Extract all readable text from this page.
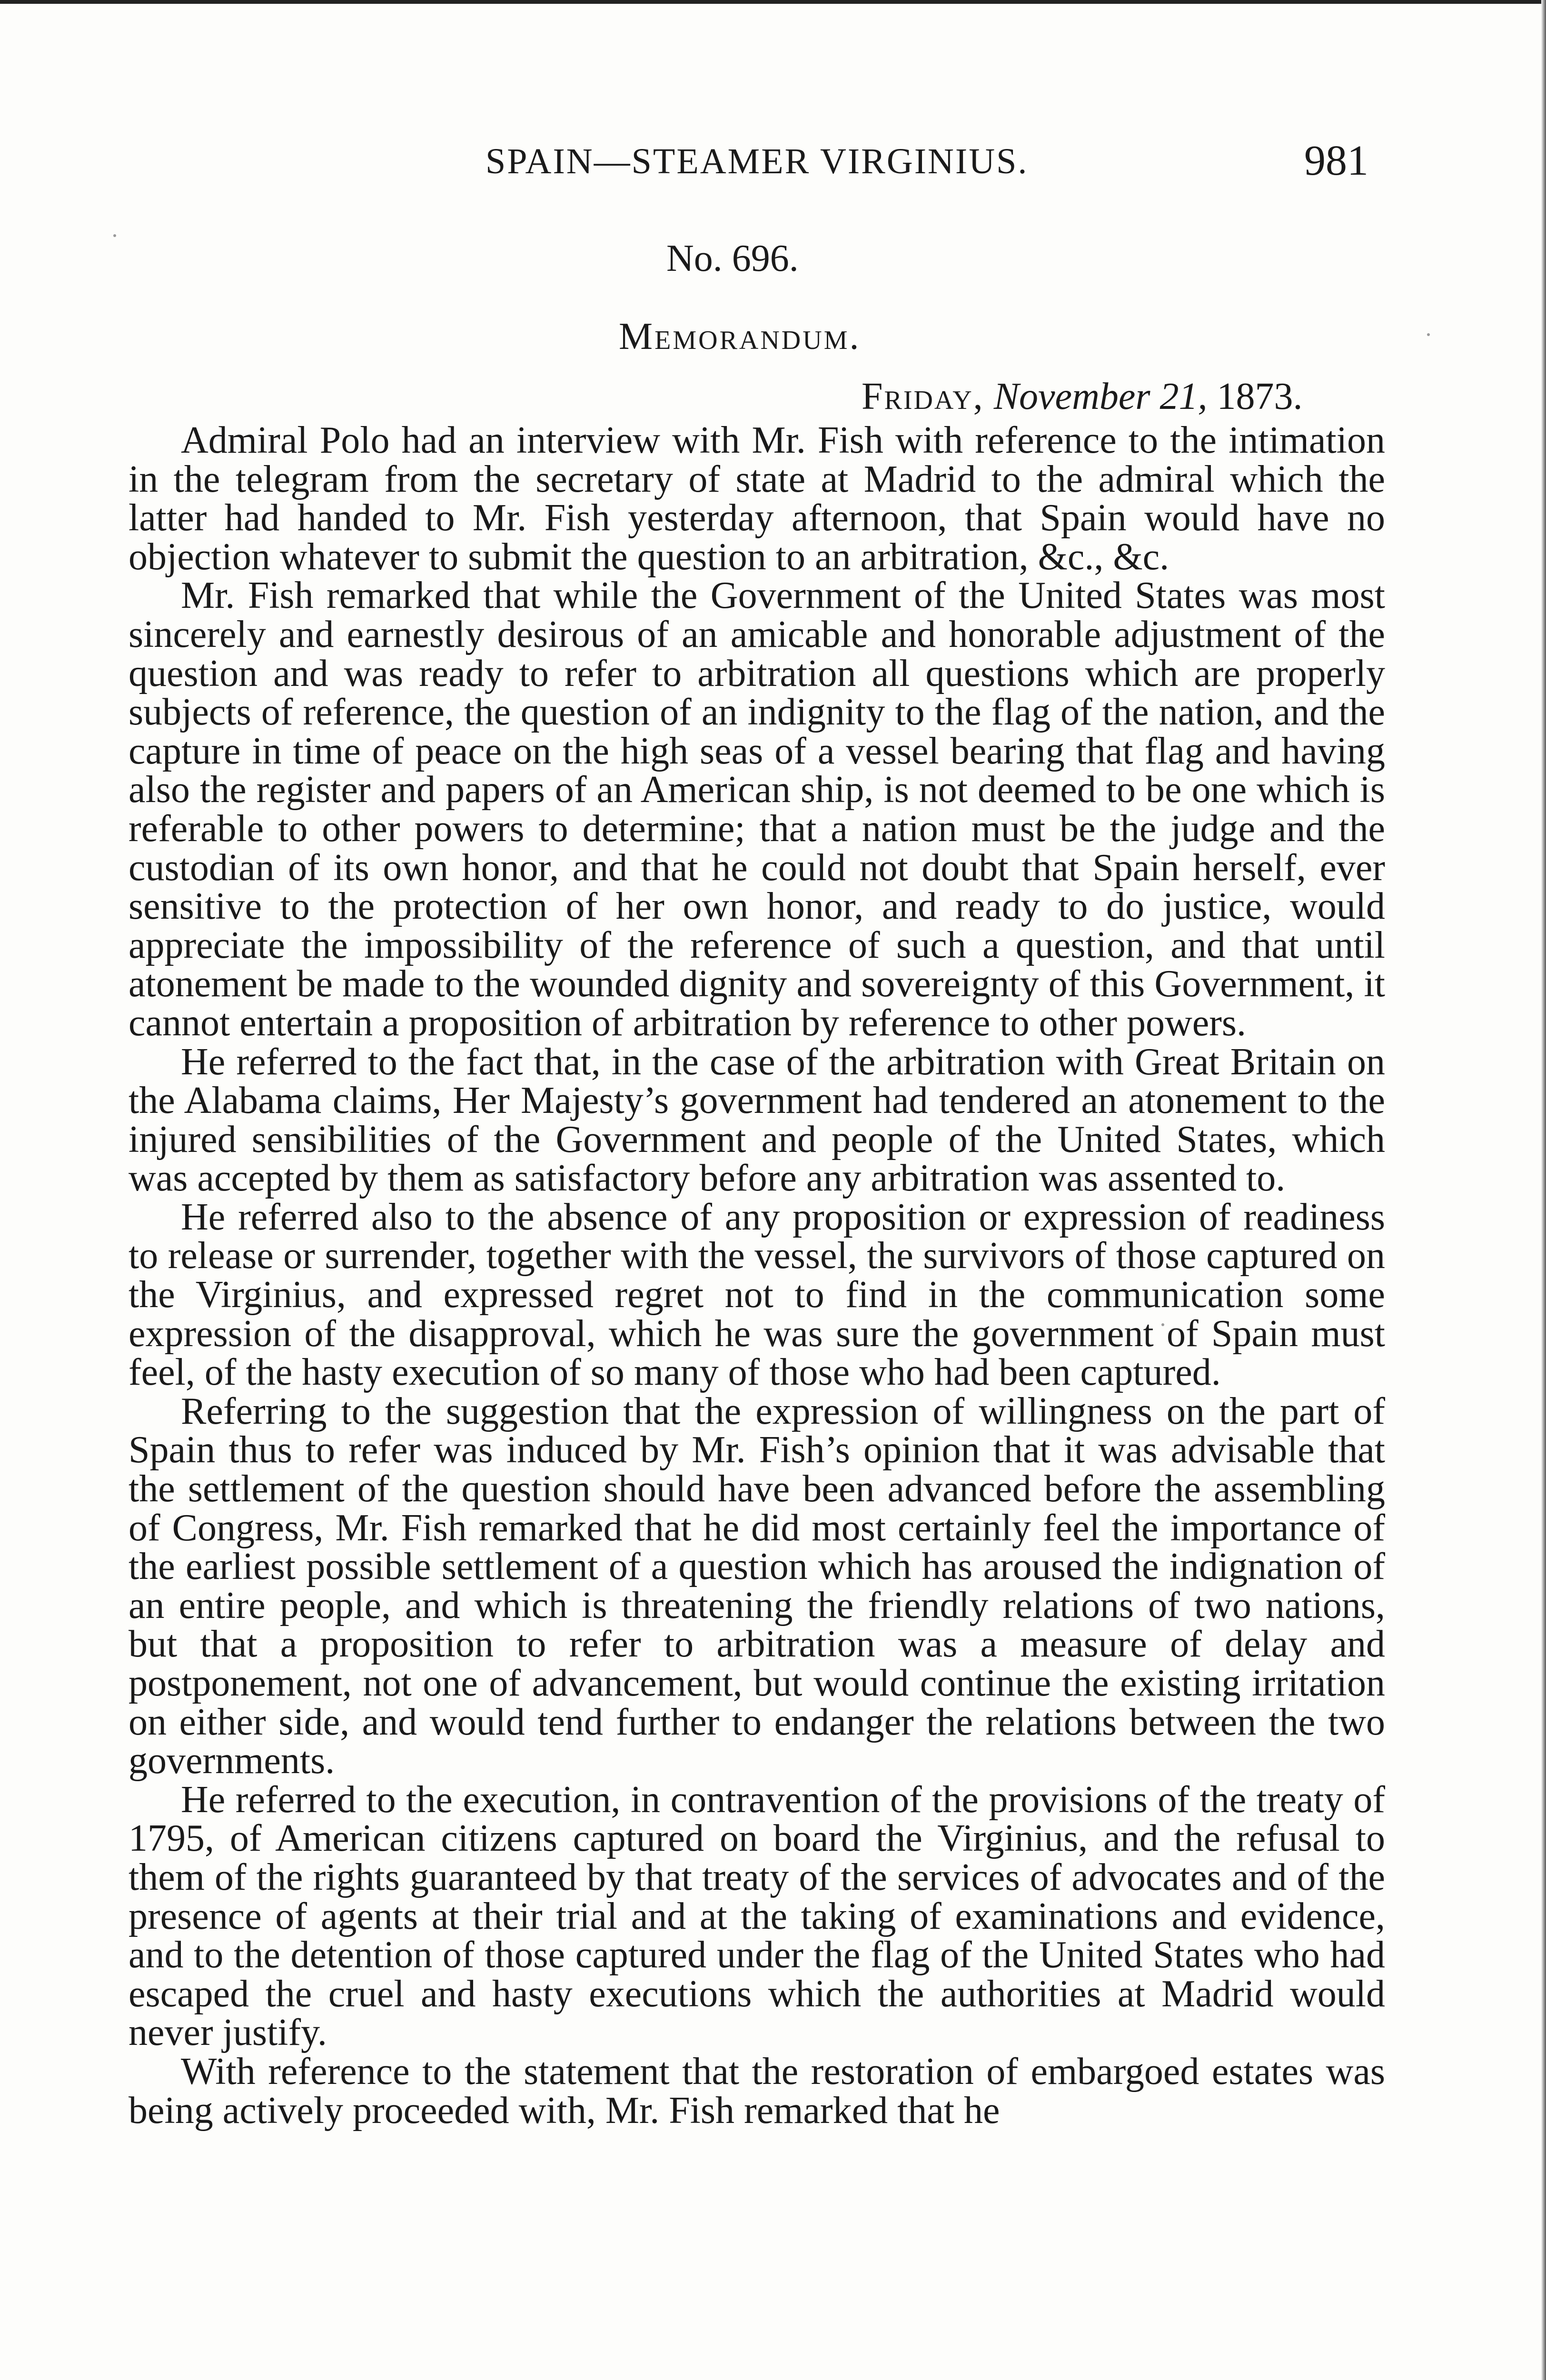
SPAIN—STEAMER VIRGINIUS.	981
No. 696.
Memorandum.
Friday, November 21, 1873.

Admiral Polo had an interview with Mr. Fish with reference to the intimation in the telegram from the secretary of state at Madrid to the admiral which the latter had handed to Mr. Fish yesterday afternoon, that Spain would have no objection whatever to submit the question to an arbitration, &c., &c.

Mr. Fish remarked that while the Government of the United States was most sincerely and earnestly desirous of an amicable and honorable adjustment of the question and was ready to refer to arbitration all questions which are properly subjects of reference, the question of an indignity to the flag of the nation, and the capture in time of peace on the high seas of a vessel bearing that flag and having also the register and papers of an American ship, is not deemed to be one which is referable to other powers to determine; that a nation must be the judge and the custodian of its own honor, and that he could not doubt that Spain herself, ever sensitive to the protection of her own honor, and ready to do justice, would appreciate the impossibility of the reference of such a question, and that until atonement be made to the wounded dignity and sovereignty of this Government, it cannot entertain a proposition of arbitration by reference to other powers.

He referred to the fact that, in the case of the arbitration with Great Britain on the Alabama claims, Her Majesty’s government had tendered an atonement to the injured sensibilities of the Government and people of the United States, which was accepted by them as satisfactory before any arbitration was assented to.

He referred also to the absence of any proposition or expression of readiness to release or surrender, together with the vessel, the survivors of those captured on the Virginius, and expressed regret not to find in the communication some expression of the disapproval, which he was sure the government of Spain must feel, of the hasty execution of so many of those who had been captured.

Referring to the suggestion that the expression of willingness on the part of Spain thus to refer was induced by Mr. Fish’s opinion that it was advisable that the settlement of the question should have been advanced before the assembling of Congress, Mr. Fish remarked that he did most certainly feel the importance of the earliest possible settlement of a question which has aroused the indignation of an entire people, and which is threatening the friendly relations of two nations, but that a proposition to refer to arbitration was a measure of delay and postponement, not one of advancement, but would continue the existing irritation on either side, and would tend further to endanger the relations between the two governments.

He referred to the execution, in contravention of the provisions of the treaty of 1795, of American citizens captured on board the Virginius, and the refusal to them of the rights guaranteed by that treaty of the services of advocates and of the presence of agents at their trial and at the taking of examinations and evidence, and to the detention of those captured under the flag of the United States who had escaped the cruel and hasty executions which the authorities at Madrid would never justify.

With reference to the statement that the restoration of embargoed estates was being actively proceeded with, Mr. Fish remarked that he
